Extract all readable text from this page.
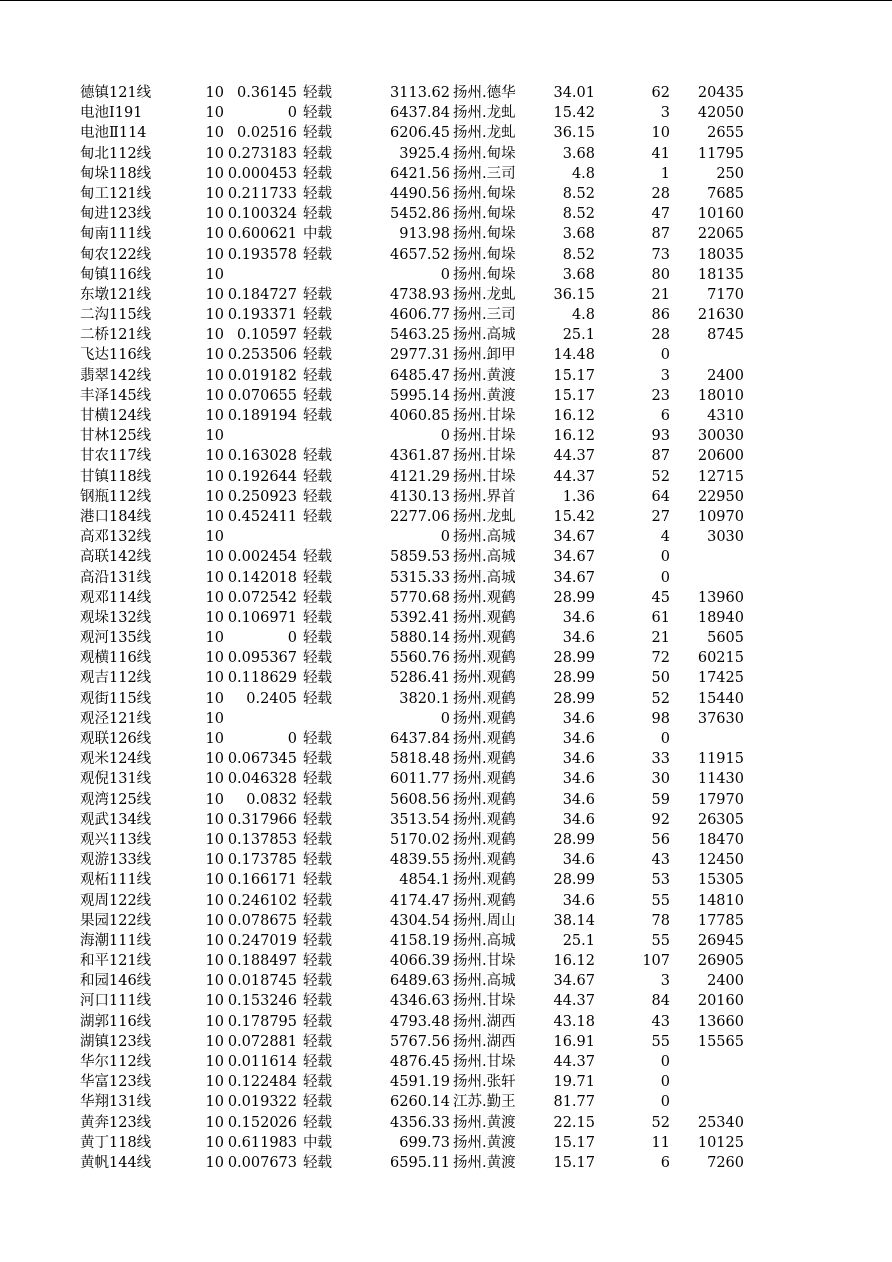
德镇121线	10 0.36145 轻载	3113.62 扬州.德华	34.01	62	20435
电池Ⅰ191	10	0 轻载	6437.84 扬州.龙虬	15.42	3	42050
电池Ⅱ114	10 0.02516 轻载	6206.45 扬州.龙虬	36.15	10	2655
甸北112线	10 0.273183 轻载	3925.4 扬州.甸垛	3.68	41	11795
甸垛118线	10 0.000453 轻载	6421.56 扬州.三司	4.8	1	250
甸工121线	10 0.211733 轻载	4490.56 扬州.甸垛	8.52	28	7685
甸进123线	10 0.100324 轻载	5452.86 扬州.甸垛	8.52	47	10160
甸南111线	10 0.600621 中载	913.98 扬州.甸垛	3.68	87	22065
甸农122线	10 0.193578 轻载	4657.52 扬州.甸垛	8.52	73	18035
甸镇116线	10	0 扬州.甸垛	3.68	80	18135
东墩121线	10 0.184727 轻载	4738.93 扬州.龙虬	36.15	21	7170
二沟115线	10 0.193371 轻载	4606.77 扬州.三司	4.8	86	21630
二桥121线	10 0.10597 轻载	5463.25 扬州.高城	25.1	28	8745
飞达116线	10 0.253506 轻载	2977.31 扬州.卸甲	14.48	0
翡翠142线	10 0.019182 轻载	6485.47 扬州.黄渡	15.17	3	2400
丰泽145线	10 0.070655 轻载	5995.14 扬州.黄渡	15.17	23	18010
甘横124线	10 0.189194 轻载	4060.85 扬州.甘垛	16.12	6	4310
甘林125线	10	0 扬州.甘垛	16.12	93	30030
甘农117线	10 0.163028 轻载	4361.87 扬州.甘垛	44.37	87	20600
甘镇118线	10 0.192644 轻载	4121.29 扬州.甘垛	44.37	52	12715
钢瓶112线	10 0.250923 轻载	4130.13 扬州.界首	1.36	64	22950
港口184线	10 0.452411 轻载	2277.06 扬州.龙虬	15.42	27	10970
高邓132线	10	0 扬州.高城	34.67	4	3030
高联142线	10 0.002454 轻载	5859.53 扬州.高城	34.67	0
高沿131线	10 0.142018 轻载	5315.33 扬州.高城	34.67	0
观邓114线	10 0.072542 轻载	5770.68 扬州.观鹤	28.99	45	13960
观垛132线	10 0.106971 轻载	5392.41 扬州.观鹤	34.6	61	18940
观河135线	10	0 轻载	5880.14 扬州.观鹤	34.6	21	5605
观横116线	10 0.095367 轻载	5560.76 扬州.观鹤	28.99	72	60215
观吉112线	10 0.118629 轻载	5286.41 扬州.观鹤	28.99	50	17425
观街115线	10	0.2405 轻载	3820.1 扬州.观鹤	28.99	52	15440
观泾121线	10	0 扬州.观鹤	34.6	98	37630
观联126线	10	0 轻载	6437.84 扬州.观鹤	34.6	0
观米124线	10 0.067345 轻载	5818.48 扬州.观鹤	34.6	33	11915
观倪131线	10 0.046328 轻载	6011.77 扬州.观鹤	34.6	30	11430
观湾125线	10	0.0832 轻载	5608.56 扬州.观鹤	34.6	59	17970
观武134线	10 0.317966 轻载	3513.54 扬州.观鹤	34.6	92	26305
观兴113线	10 0.137853 轻载	5170.02 扬州.观鹤	28.99	56	18470
观游133线	10 0.173785 轻载	4839.55 扬州.观鹤	34.6	43	12450
观柘111线	10 0.166171 轻载	4854.1 扬州.观鹤	28.99	53	15305
观周122线	10 0.246102 轻载	4174.47 扬州.观鹤	34.6	55	14810
果园122线	10 0.078675 轻载	4304.54 扬州.周山	38.14	78	17785
海潮111线	10 0.247019 轻载	4158.19 扬州.高城	25.1	55	26945
和平121线	10 0.188497 轻载	4066.39 扬州.甘垛	16.12	107	26905
和园146线	10 0.018745 轻载	6489.63 扬州.高城	34.67	3	2400
河口111线	10 0.153246 轻载	4346.63 扬州.甘垛	44.37	84	20160
湖郭116线	10 0.178795 轻载	4793.48 扬州.湖西	43.18	43	13660
湖镇123线	10 0.072881 轻载	5767.56 扬州.湖西	16.91	55	15565
华尔112线	10 0.011614 轻载	4876.45 扬州.甘垛	44.37	0
华富123线	10 0.122484 轻载	4591.19 扬州.张轩	19.71	0
华翔131线	10 0.019322 轻载	6260.14 江苏.勤王	81.77	0
黄奔123线	10 0.152026 轻载	4356.33 扬州.黄渡	22.15	52	25340
黄丁118线	10 0.611983 中载	699.73 扬州.黄渡	15.17	11	10125
黄帆144线	10 0.007673 轻载	6595.11 扬州.黄渡	15.17	6	7260
